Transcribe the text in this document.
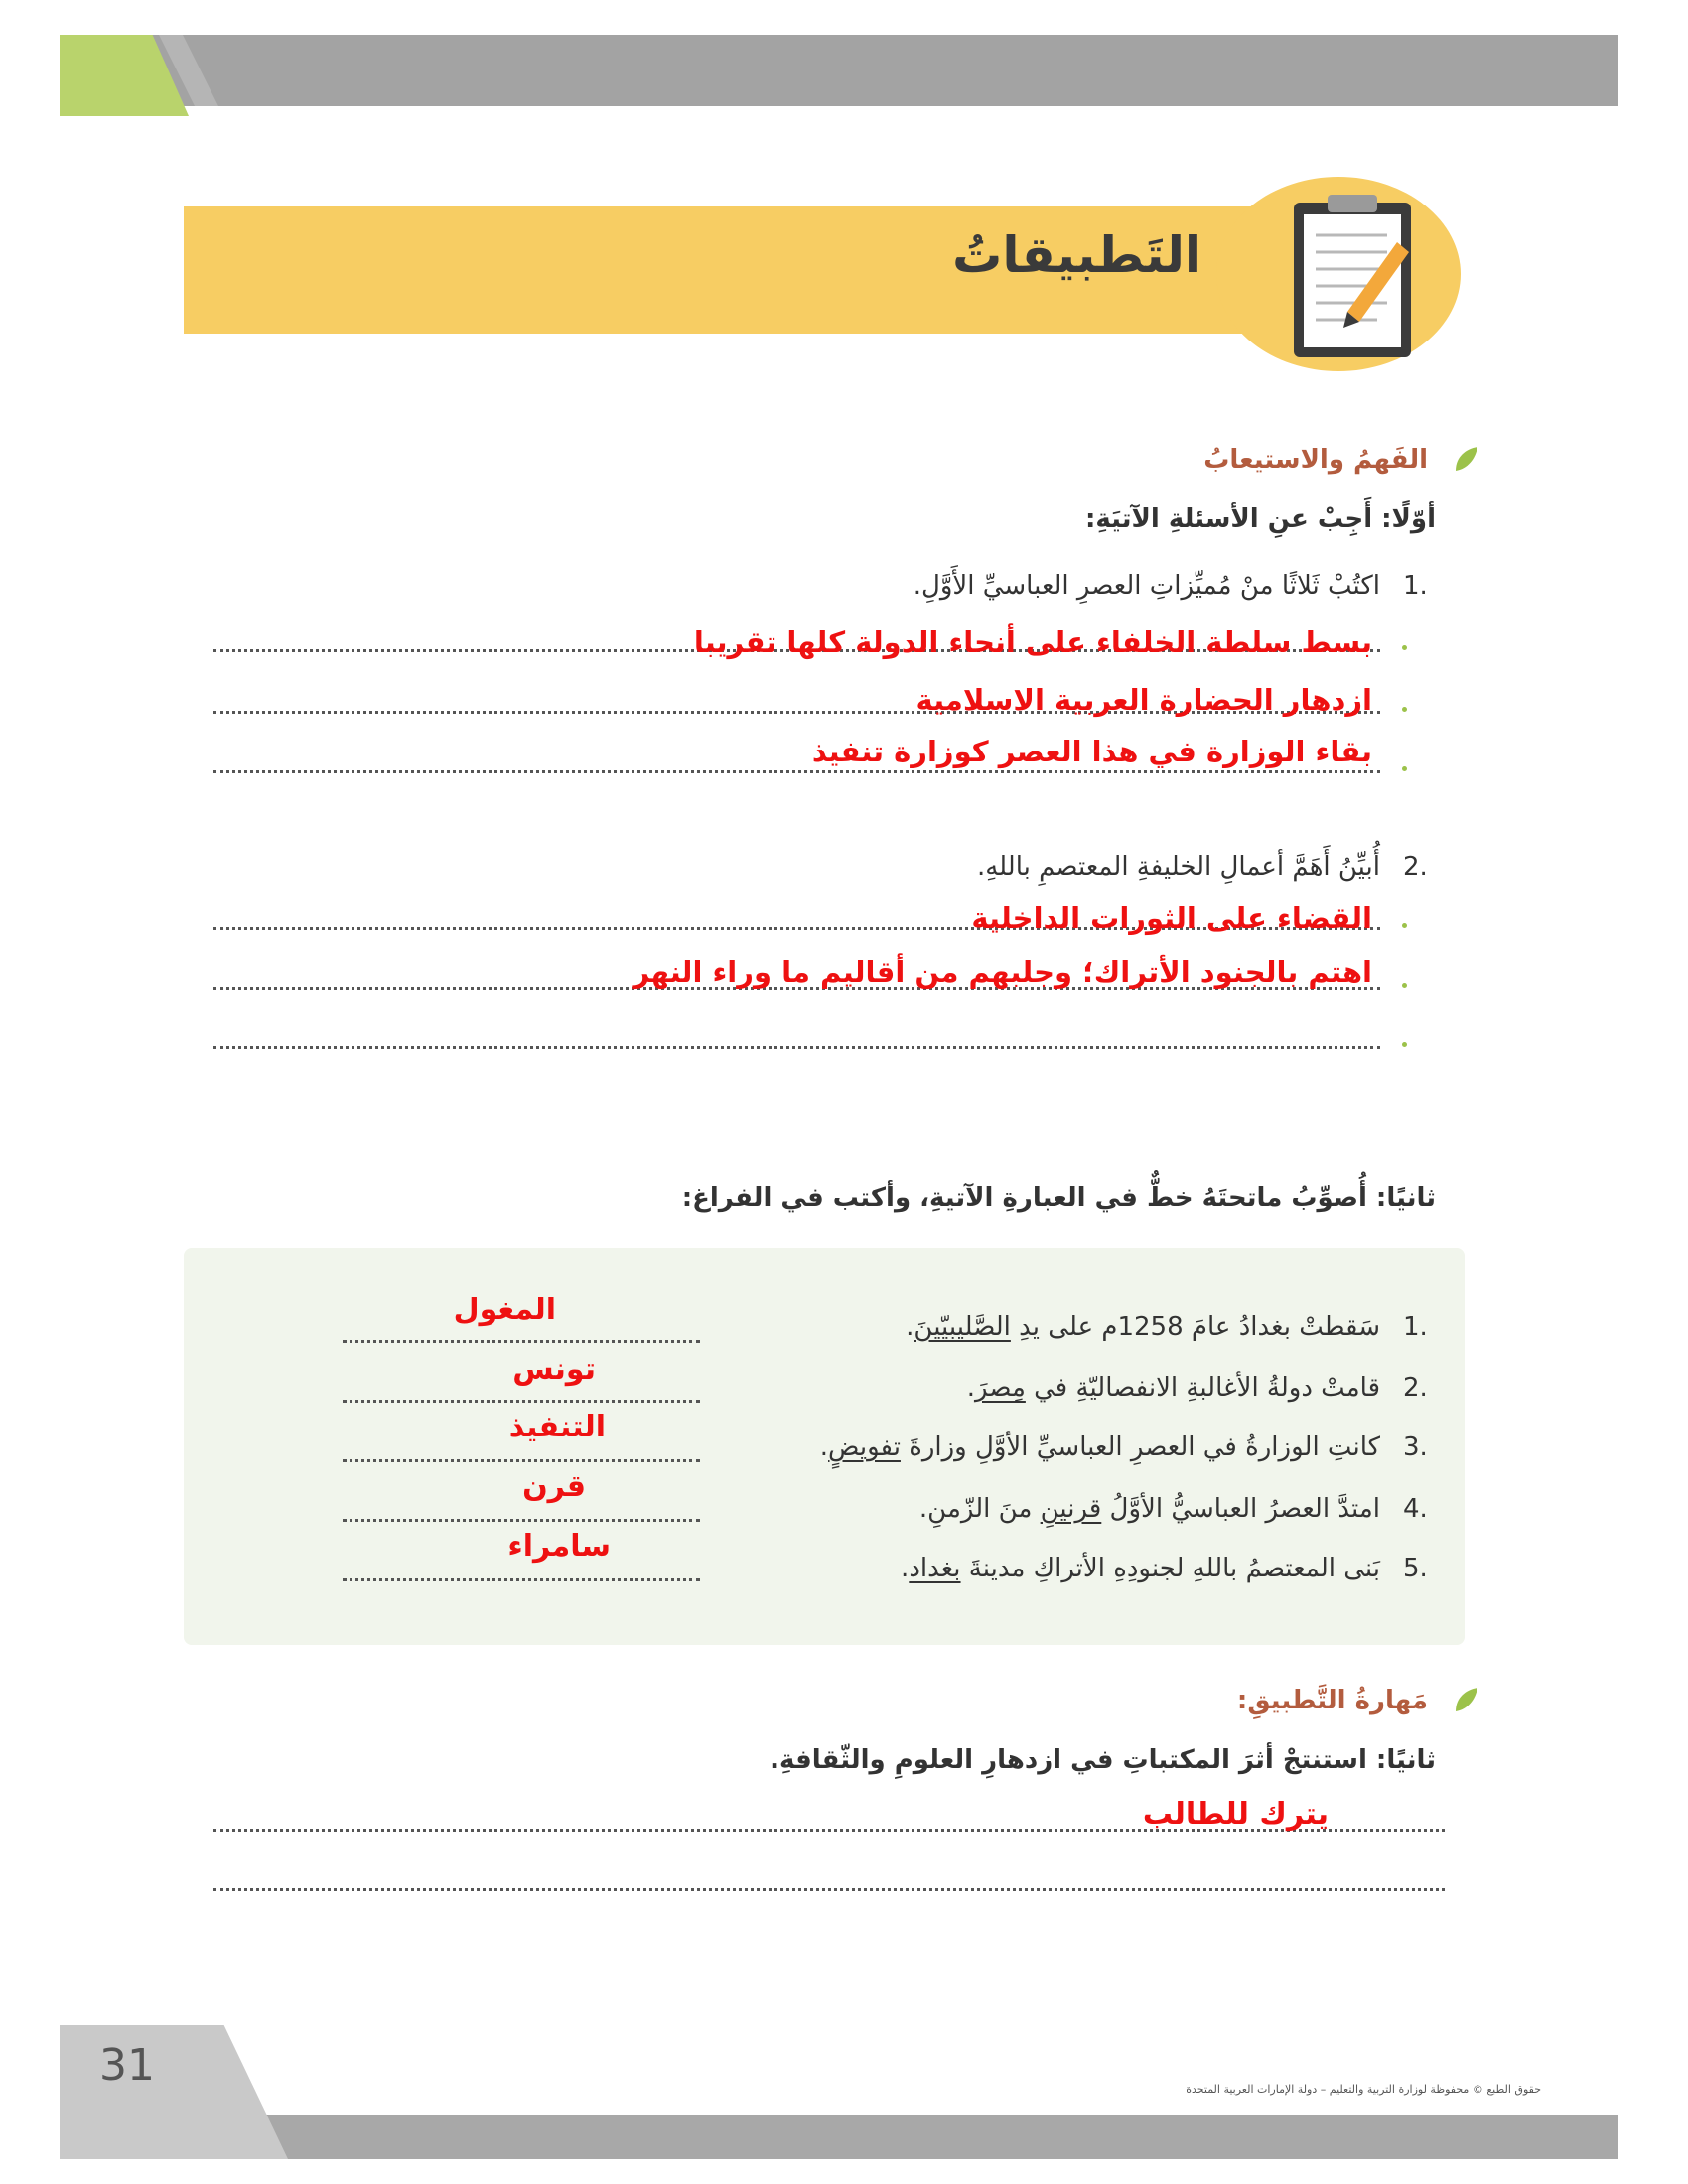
التَطبيقاتُ
الفَهمُ والاستيعابُ
أوّلًا: أَجِبْ عنِ الأسئلةِ الآتيَةِ:
1.
اكتُبْ ثَلاثًا منْ مُميِّزاتِ العصرِ العباسيِّ الأَوَّلِ.
بسط سلطة الخلفاء على أنحاء الدولة كلها تقريبا
ازدهار الحضارة العربية الاسلامية
بقاء الوزارة في هذا العصر كوزارة تنفيذ
2.
أُبيِّنُ أَهَمَّ أعمالِ الخليفةِ المعتصمِ باللهِ.
القضاء على الثورات الداخلية
اهتم بالجنود الأتراك؛ وجلبهم من أقاليم ما وراء النهر
ثانيًا: أُصوِّبُ ماتحتَهُ خطٌّ في العبارةِ الآتيةِ، وأكتب في الفراغ:
1.
سَقطتْ بغدادُ عامَ 1258م على يدِ الصَّليبيّينَ.
المغول
2.
قامتْ دولةُ الأغالبةِ الانفصاليّةِ في مِصرَ.
تونس
3.
كانتِ الوزارةُ في العصرِ العباسيِّ الأوَّلِ وزارةَ تفويضٍ.
التنفيذ
4.
امتدَّ العصرُ العباسيُّ الأوَّلُ قرنينِ منَ الزّمنِ.
قرن
5.
بَنى المعتصمُ باللهِ لجنودِهِ الأتراكِ مدينةَ بغداد.
سامراء
مَهارةُ التَّطبيقِ:
ثانيًا: استنتجْ أثرَ المكتباتِ في ازدهارِ العلومِ والثّقافةِ.
يترك للطالب
31	حقوق الطبع © محفوظة لوزارة التربية والتعليم – دولة الإمارات العربية المتحدة
